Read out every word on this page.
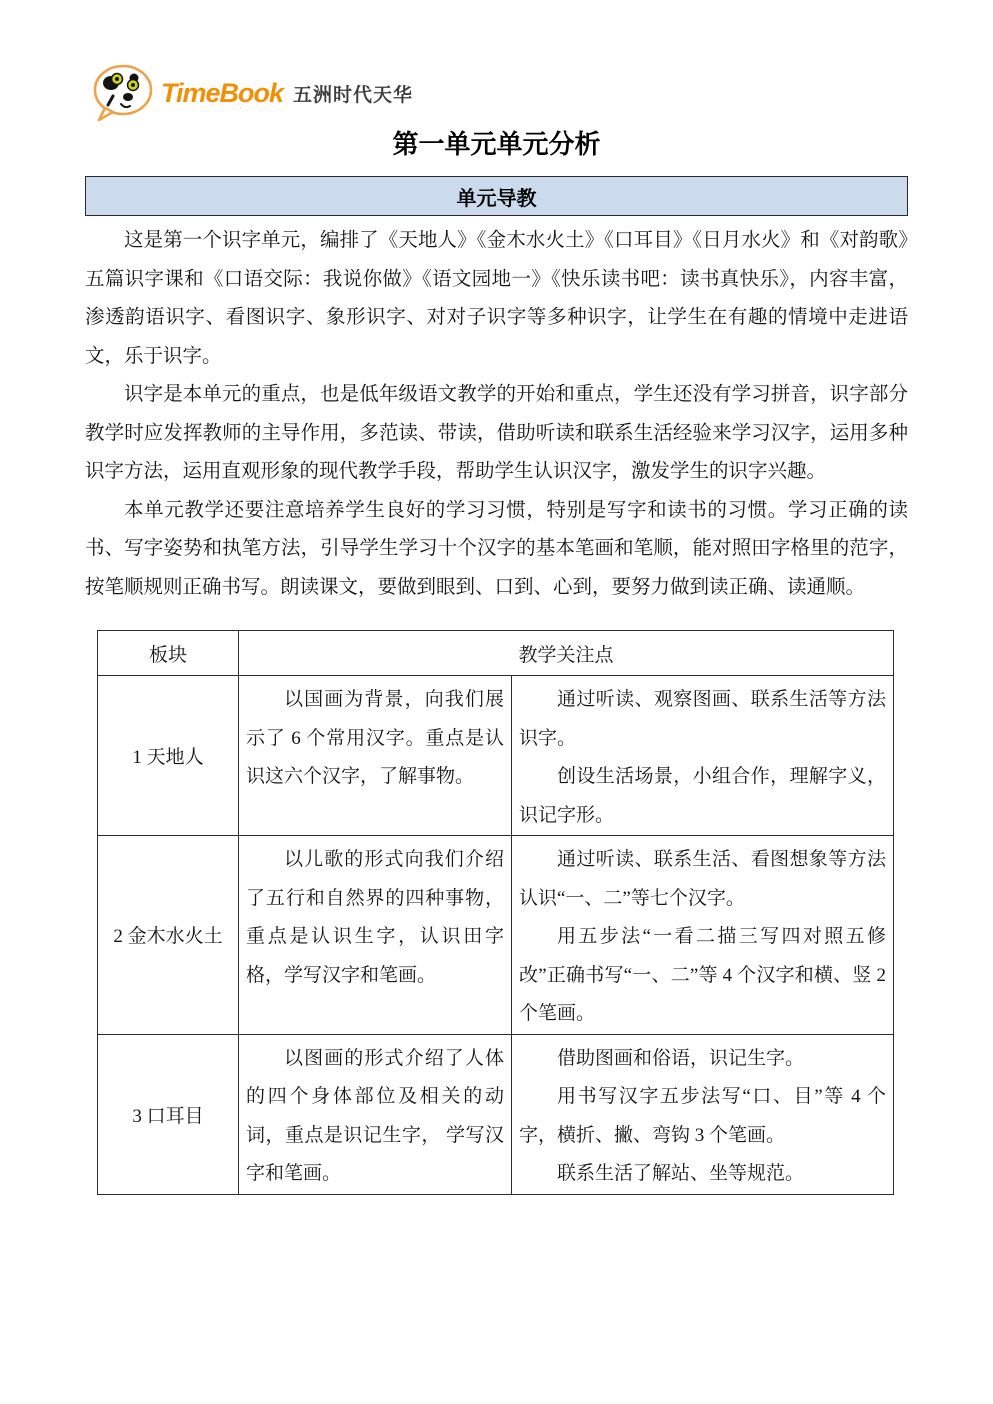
TimeBook 五洲时代天华
第一单元单元分析
单元导教

这是第一个识字单元，编排了《天地人》《金木水火土》《口耳目》《日月水火》和《对韵歌》五篇识字课和《口语交际：我说你做》《语文园地一》《快乐读书吧：读书真快乐》，内容丰富，渗透韵语识字、看图识字、象形识字、对对子识字等多种识字，让学生在有趣的情境中走进语文，乐于识字。

识字是本单元的重点，也是低年级语文教学的开始和重点，学生还没有学习拼音，识字部分教学时应发挥教师的主导作用，多范读、带读，借助听读和联系生活经验来学习汉字，运用多种识字方法，运用直观形象的现代教学手段，帮助学生认识汉字，激发学生的识字兴趣。

本单元教学还要注意培养学生良好的学习习惯，特别是写字和读书的习惯。学习正确的读书、写字姿势和执笔方法，引导学生学习十个汉字的基本笔画和笔顺，能对照田字格里的范字，按笔顺规则正确书写。朗读课文，要做到眼到、口到、心到，要努力做到读正确、读通顺。

板块	教学关注点	
1 天地人	以国画为背景，向我们展示了 6 个常用汉字。重点是认识这六个汉字，了解事物。	通过听读、观察图画、联系生活等方法识字。

创设生活场景，小组合作，理解字义，识记字形。

2 金木水火土	以儿歌的形式向我们介绍了五行和自然界的四种事物，重点是认识生字，认识田字格，学写汉字和笔画。	通过听读、联系生活、看图想象等方法认识“一、二”等七个汉字。

用五步法“一看二描三写四对照五修改”正确书写“一、二”等 4 个汉字和横、竖 2 个笔画。

3 口耳目	以图画的形式介绍了人体的四个身体部位及相关的动词，重点是识记生字， 学写汉字和笔画。	借助图画和俗语，识记生字。

用书写汉字五步法写“口、目”等 4 个字，横折、撇、弯钩 3 个笔画。

联系生活了解站、坐等规范。
